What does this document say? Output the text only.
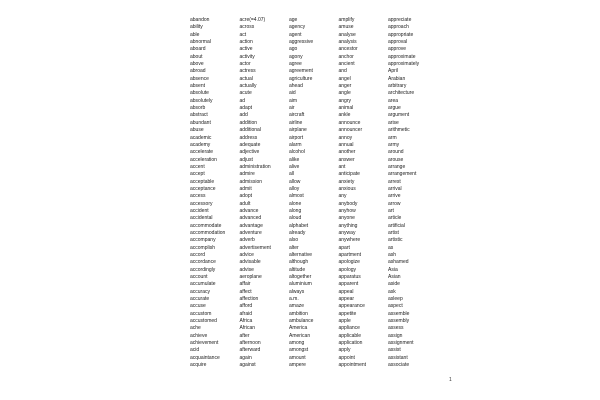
abandon
ability
able
abnormal
aboard
about
above
abroad
absence
absent
absolute
absolutely
absorb
abstract
abundant
abuse
academic
academy
accelerate
acceleration
accent
accept
acceptable
acceptance
access
accessory
accident
accidental
accommodate
accommodation
accompany
accomplish
accord
accordance
accordingly
account
accumulate
accuracy
accurate
accuse
accustom
accustomed
ache
achieve
achievement
acid
acquaintance
acquire
acre(=4.07)
across
act
action
active
activity
actor
actress
actual
actually
acute
ad
adapt
add
addition
additional
address
adequate
adjective
adjust
administration
admire
admission
admit
adopt
adult
advance
advanced
advantage
adventure
adverb
advertisement
advice
advisable
advise
aeroplane
affair
affect
affection
afford
afraid
Africa
African
after
afternoon
afterward
again
against
age
agency
agent
aggressive
ago
agony
agree
agreement
agriculture
ahead
aid
aim
air
aircraft
airline
airplane
airport
alarm
alcohol
alike
alive
all
allow
alloy
almost
alone
along
aloud
alphabet
already
also
alter
alternative
although
altitude
altogether
aluminium
always
a.m.
amaze
ambition
ambulance
America
American
among
amongst
amount
ampere
amplify
amuse
analyse
analysis
ancestor
anchor
ancient
and
angel
anger
angle
angry
animal
ankle
announce
announcer
annoy
annual
another
answer
ant
anticipate
anxiety
anxious
any
anybody
anyhow
anyone
anything
anyway
anywhere
apart
apartment
apologize
apology
apparatus
apparent
appeal
appear
appearance
appetite
apple
appliance
applicable
application
apply
appoint
appointment
appreciate
approach
appropriate
approval
approve
approximate
approximately
April
Arabian
arbitrary
architecture
area
argue
argument
arise
arithmetic
arm
army
around
arouse
arrange
arrangement
arrest
arrival
arrive
arrow
art
article
artificial
artist
artistic
as
ash
ashamed
Asia
Asian
aside
ask
asleep
aspect
assemble
assembly
assess
assign
assignment
assist
assistant
associate
1
